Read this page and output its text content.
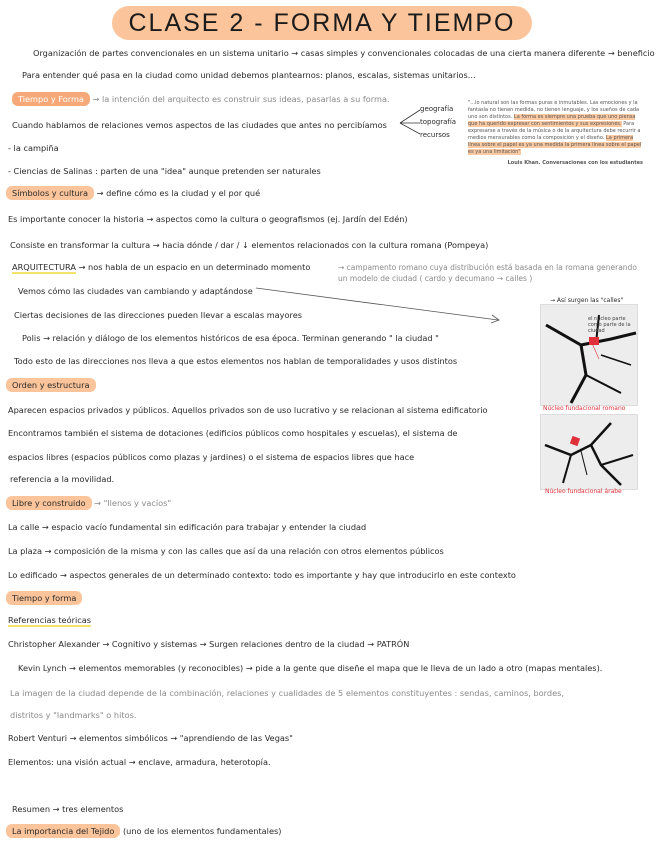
CLASE 2 - FORMA Y TIEMPO
Organización de partes convencionales en un sistema unitario → casas simples y convencionales colocadas de una cierta manera diferente → beneficio
Para entender qué pasa en la ciudad como unidad debemos plantearnos: planos, escalas, sistemas unitarios...
Tiempo y Forma → la intención del arquitecto es construir sus ideas, pasarlas a su forma.
Cuando hablamos de relaciones vemos aspectos de las ciudades que antes no percibíamos
geografía
topografía
recursos
"...lo natural son las formas puras e inmutables. Las emociones y la fantasía no tienen medida, no tienen lenguaje, y los sueños de cada uno son distintos. La forma es siempre una prueba que uno piensa que ha querido expresar con sentimientos y sus expresiones. Para expresarse a través de la música o de la arquitectura debe recurrir a medios mensurables como la composición y el diseño. La primera línea sobre el papel es ya una medida la primera línea sobre el papel es ya una limitación"
Louis Khan. Conversaciones con los estudiantes
- la campiña
- Ciencias de Salinas : parten de una "idea" aunque pretenden ser naturales
Símbolos y cultura → define cómo es la ciudad y el por qué
Es importante conocer la historia → aspectos como la cultura o geografismos (ej. Jardín del Edén)
Consiste en transformar la cultura → hacia dónde / dar / ↓ elementos relacionados con la cultura romana (Pompeya)
ARQUITECTURA → nos habla de un espacio en un determinado momento	→ campamento romano cuya distribución está basada en la romana generando un modelo de ciudad ( cardo y decumano → calles )
Vemos cómo las ciudades van cambiando y adaptándose
Ciertas decisiones de las direcciones pueden llevar a escalas mayores
Polis → relación y diálogo de los elementos históricos de esa época. Terminan generando " la ciudad "
Todo esto de las direcciones nos lleva a que estos elementos nos hablan de temporalidades y usos distintos
Orden y estructura
Aparecen espacios privados y públicos. Aquellos privados son de uso lucrativo y se relacionan al sistema edificatorio
Encontramos también el sistema de dotaciones (edificios públicos como hospitales y escuelas), el sistema de
espacios libres (espacios públicos como plazas y jardines) o el sistema de espacios libres que hace
referencia a la movilidad.
→ Así surgen las "calles"
el núcleo parte como parte de la ciudad
Núcleo fundacional romano
Núcleo fundacional árabe
Libre y construido → "llenos y vacíos"
La calle → espacio vacío fundamental sin edificación para trabajar y entender la ciudad
La plaza → composición de la misma y con las calles que así da una relación con otros elementos públicos
Lo edificado → aspectos generales de un determinado contexto: todo es importante y hay que introducirlo en este contexto
Tiempo y forma
Referencias teóricas
Christopher Alexander → Cognitivo y sistemas → Surgen relaciones dentro de la ciudad → PATRÓN
Kevin Lynch → elementos memorables (y reconocibles) → pide a la gente que diseñe el mapa que le lleva de un lado a otro (mapas mentales).
La imagen de la ciudad depende de la combinación, relaciones y cualidades de 5 elementos constituyentes : sendas, caminos, bordes,
distritos y "landmarks" o hitos.
Robert Venturi → elementos simbólicos → "aprendiendo de las Vegas"
Elementos: una visión actual → enclave, armadura, heterotopía.
Resumen → tres elementos
La importancia del Tejido (uno de los elementos fundamentales)
